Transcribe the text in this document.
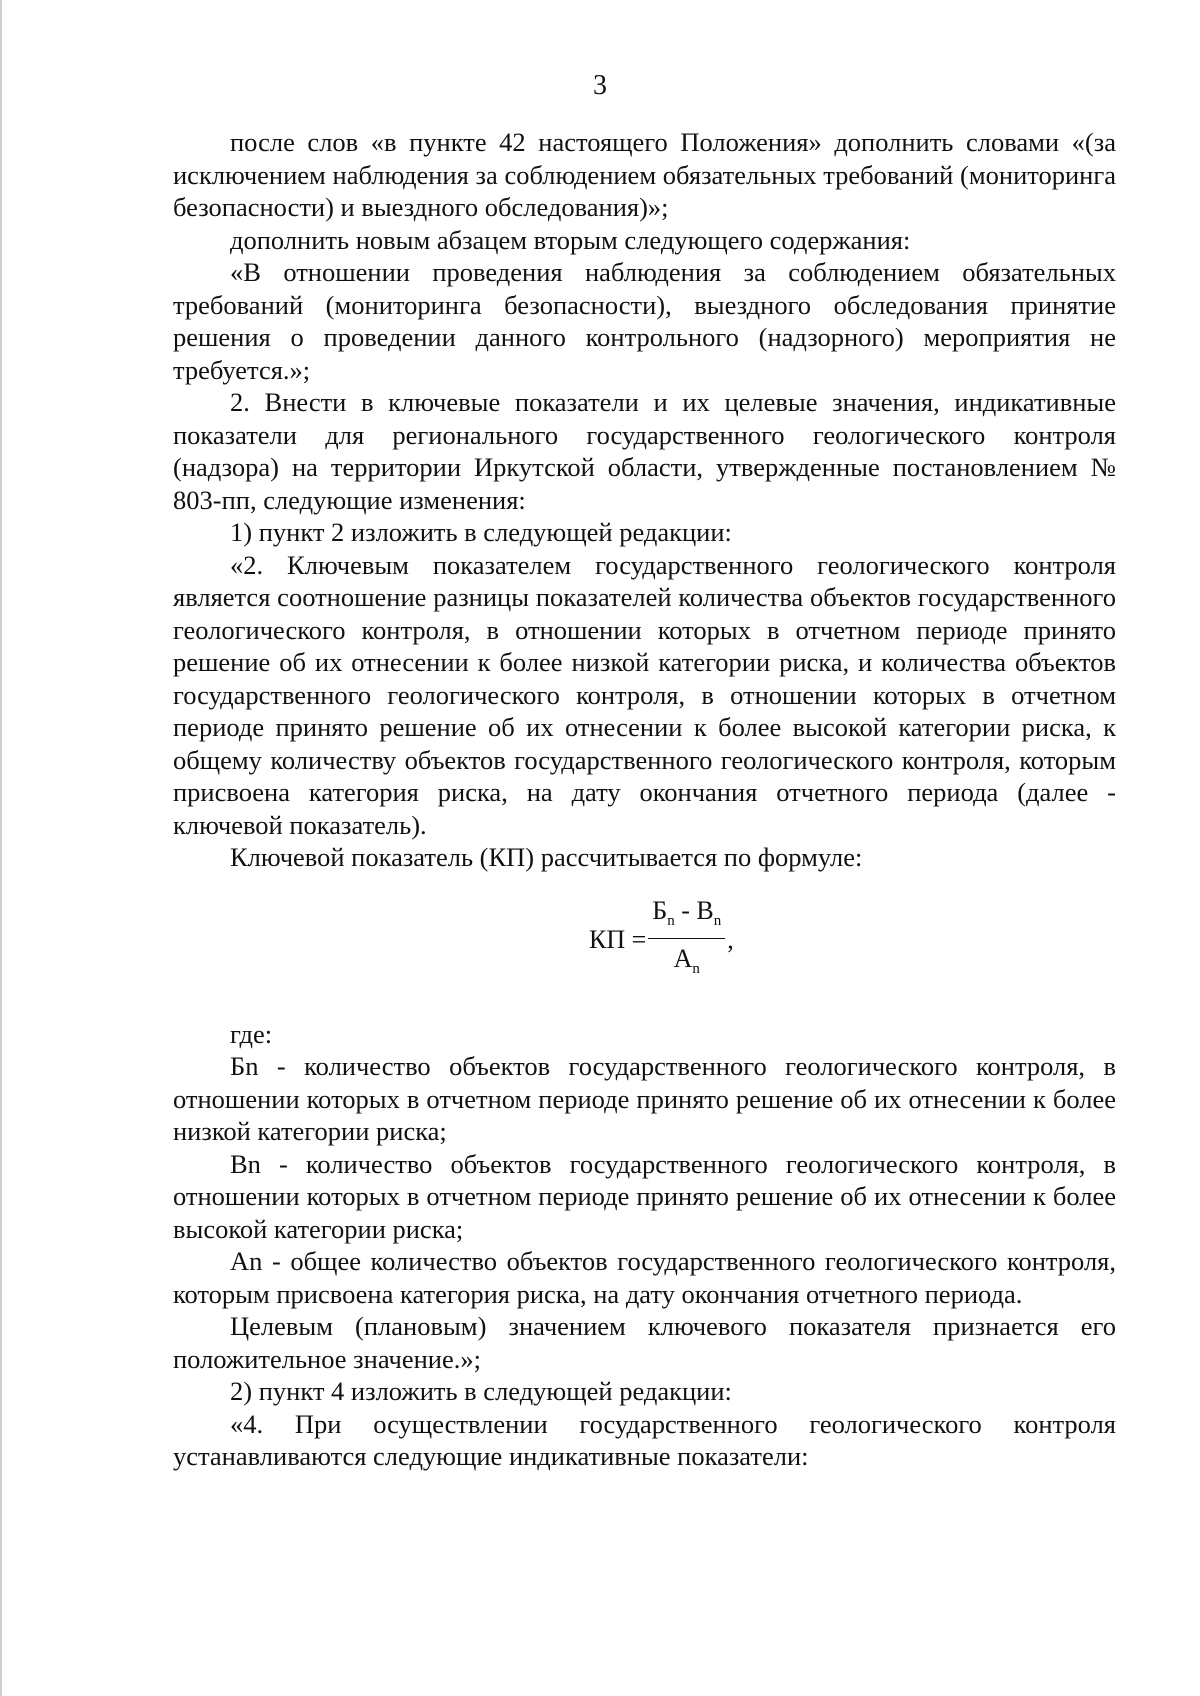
3

после слов «в пункте 42 настоящего Положения» дополнить словами «(за исключением наблюдения за соблюдением обязательных требований (мониторинга безопасности) и выездного обследования)»;

дополнить новым абзацем вторым следующего содержания:

«В отношении проведения наблюдения за соблюдением обязательных требований (мониторинга безопасности), выездного обследования принятие решения о проведении данного контрольного (надзорного) мероприятия не требуется.»;

2. Внести в ключевые показатели и их целевые значения, индикативные показатели для регионального государственного геологического контроля (надзора) на территории Иркутской области, утвержденные постановлением № 803-пп, следующие изменения:

1) пункт 2 изложить в следующей редакции:

«2. Ключевым показателем государственного геологического контроля является соотношение разницы показателей количества объектов государственного геологического контроля, в отношении которых в отчетном периоде принято решение об их отнесении к более низкой категории риска, и количества объектов государственного геологического контроля, в отношении которых в отчетном периоде принято решение об их отнесении к более высокой категории риска, к общему количеству объектов государственного геологического контроля, которым присвоена категория риска, на дату окончания отчетного периода (далее - ключевой показатель).

Ключевой показатель (КП) рассчитывается по формуле:

КП = $\frac{Б_n - В_n}{А_n}$ ,

где:

Бn - количество объектов государственного геологического контроля, в отношении которых в отчетном периоде принято решение об их отнесении к более низкой категории риска;

Вn - количество объектов государственного геологического контроля, в отношении которых в отчетном периоде принято решение об их отнесении к более высокой категории риска;

Аn - общее количество объектов государственного геологического контроля, которым присвоена категория риска, на дату окончания отчетного периода.

Целевым (плановым) значением ключевого показателя признается его положительное значение.»;

2) пункт 4 изложить в следующей редакции:

«4. При осуществлении государственного геологического контроля устанавливаются следующие индикативные показатели:
